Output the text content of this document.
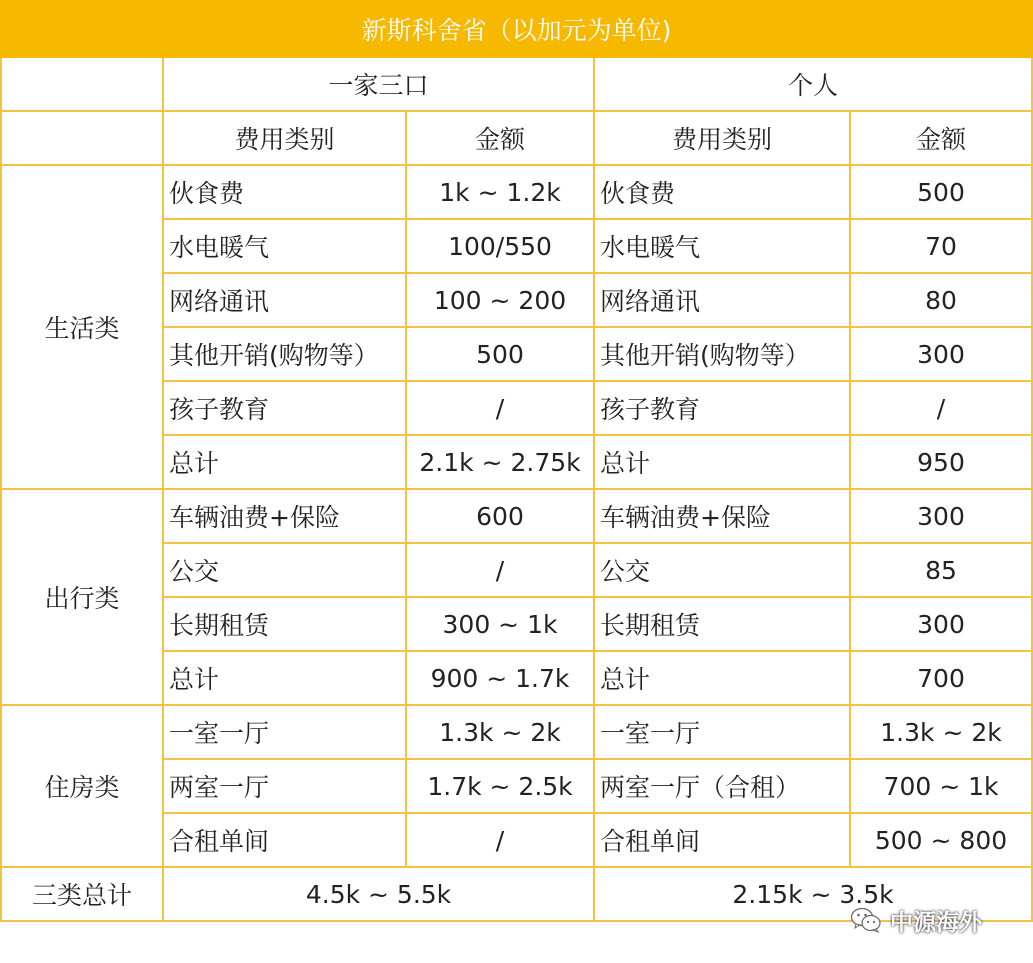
新斯科舍省（以加元为单位)				
	一家三口		个人	
	费用类别	金额	费用类别	金额
生活类	伙食费	1k ~ 1.2k	伙食费	500
	水电暖气	100/550	水电暖气	70
	网络通讯	100 ~ 200	网络通讯	80
	其他开销(购物等）	500	其他开销(购物等）	300
	孩子教育	/	孩子教育	/
	总计	2.1k ~ 2.75k	总计	950
出行类	车辆油费+保险	600	车辆油费+保险	300
	公交	/	公交	85
	长期租赁	300 ~ 1k	长期租赁	300
	总计	900 ~ 1.7k	总计	700
住房类	一室一厅	1.3k ~ 2k	一室一厅	1.3k ~ 2k
	两室一厅	1.7k ~ 2.5k	两室一厅（合租）	700 ~ 1k
	合租单间	/	合租单间	500 ~ 800
三类总计	4.5k ~ 5.5k		2.15k ~ 3.5k	
中源海外
